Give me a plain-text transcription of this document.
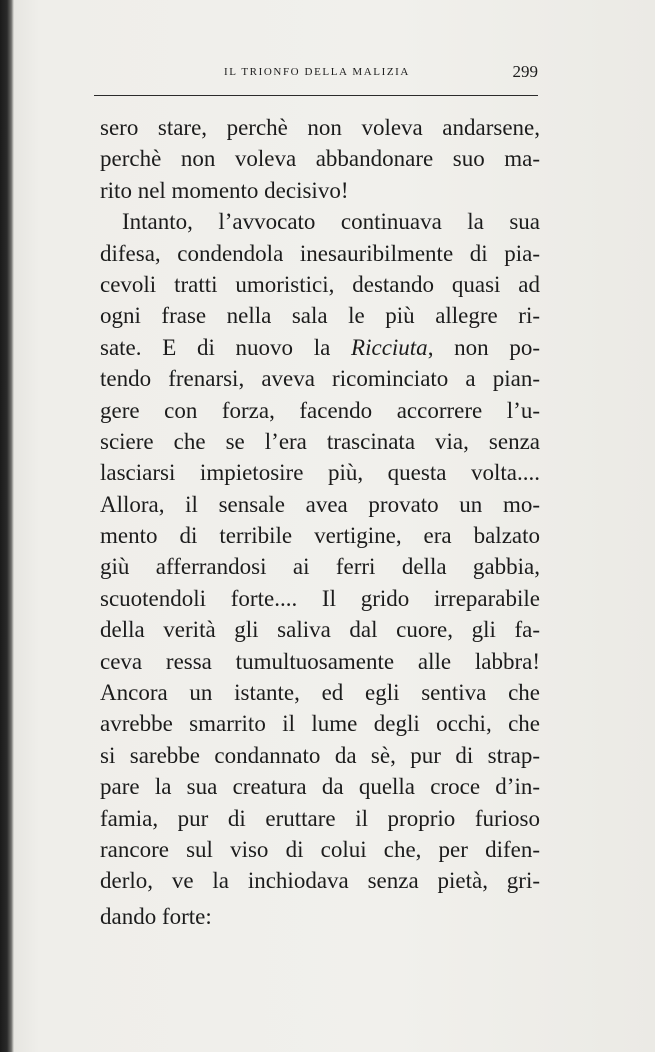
IL TRIONFO DELLA MALIZIA	299
sero stare, perchè non voleva andarsene,
perchè non voleva abbandonare suo ma-
rito nel momento decisivo!
Intanto, l’avvocato continuava la sua
difesa, condendola inesauribilmente di pia-
cevoli tratti umoristici, destando quasi ad
ogni frase nella sala le più allegre ri-
sate. E di nuovo la Ricciuta, non po-
tendo frenarsi, aveva ricominciato a pian-
gere con forza, facendo accorrere l’u-
sciere che se l’era trascinata via, senza
lasciarsi impietosire più, questa volta....
Allora, il sensale avea provato un mo-
mento di terribile vertigine, era balzato
giù afferrandosi ai ferri della gabbia,
scuotendoli forte.... Il grido irreparabile
della verità gli saliva dal cuore, gli fa-
ceva ressa tumultuosamente alle labbra!
Ancora un istante, ed egli sentiva che
avrebbe smarrito il lume degli occhi, che
si sarebbe condannato da sè, pur di strap-
pare la sua creatura da quella croce d’in-
famia, pur di eruttare il proprio furioso
rancore sul viso di colui che, per difen-
derlo, ve la inchiodava senza pietà, gri-
dando forte:
